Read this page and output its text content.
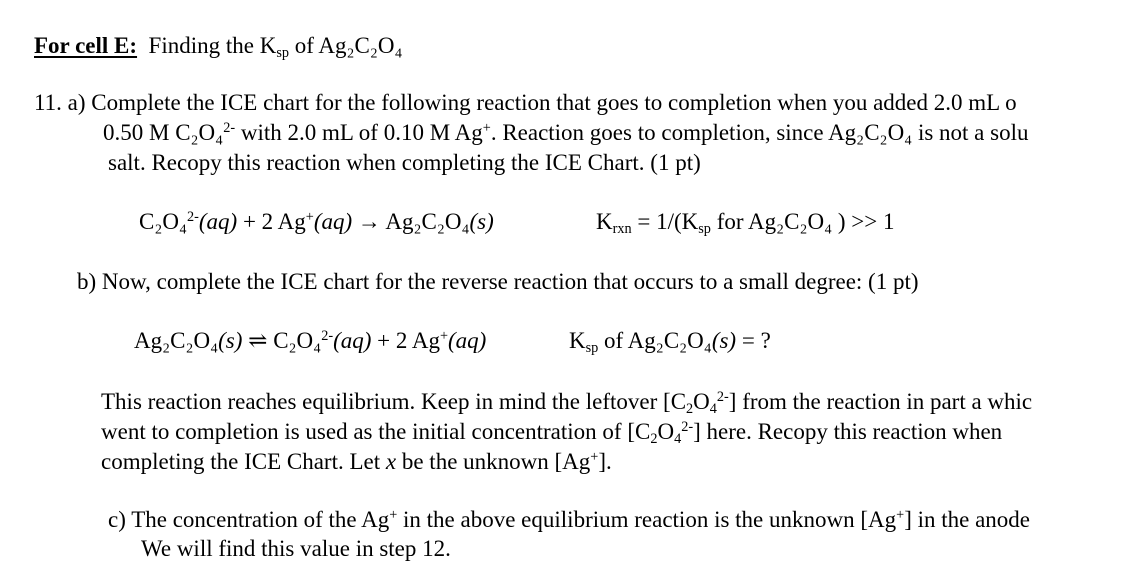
For cell E: Finding the Ksp of Ag₂C₂O₄
11. a) Complete the ICE chart for the following reaction that goes to completion when you added 2.0 mL o
0.50 M C₂O₄$^{2-}$ with 2.0 mL of 0.10 M Ag+. Reaction goes to completion, since Ag₂C₂O₄ is not a solu
salt. Recopy this reaction when completing the ICE Chart. (1 pt)
C₂O₄$^{2-}$(aq) + 2 Ag+(aq) → Ag₂C₂O₄(s)	Krxn = 1/(Ksp for Ag₂C₂O₄ ) >> 1
b) Now, complete the ICE chart for the reverse reaction that occurs to a small degree: (1 pt)
Ag₂C₂O₄(s) ⇌ C₂O₄$^{2-}$(aq) + 2 Ag+(aq)	Ksp of Ag₂C₂O₄(s) = ?
This reaction reaches equilibrium. Keep in mind the leftover $[C_2O_4^{2-}]$ from the reaction in part a whic
went to completion is used as the initial concentration of $[C_2O_4^{2-}]$ here. Recopy this reaction when
completing the ICE Chart. Let x be the unknown [Ag+].
c) The concentration of the Ag+ in the above equilibrium reaction is the unknown [Ag+] in the anode
We will find this value in step 12.
